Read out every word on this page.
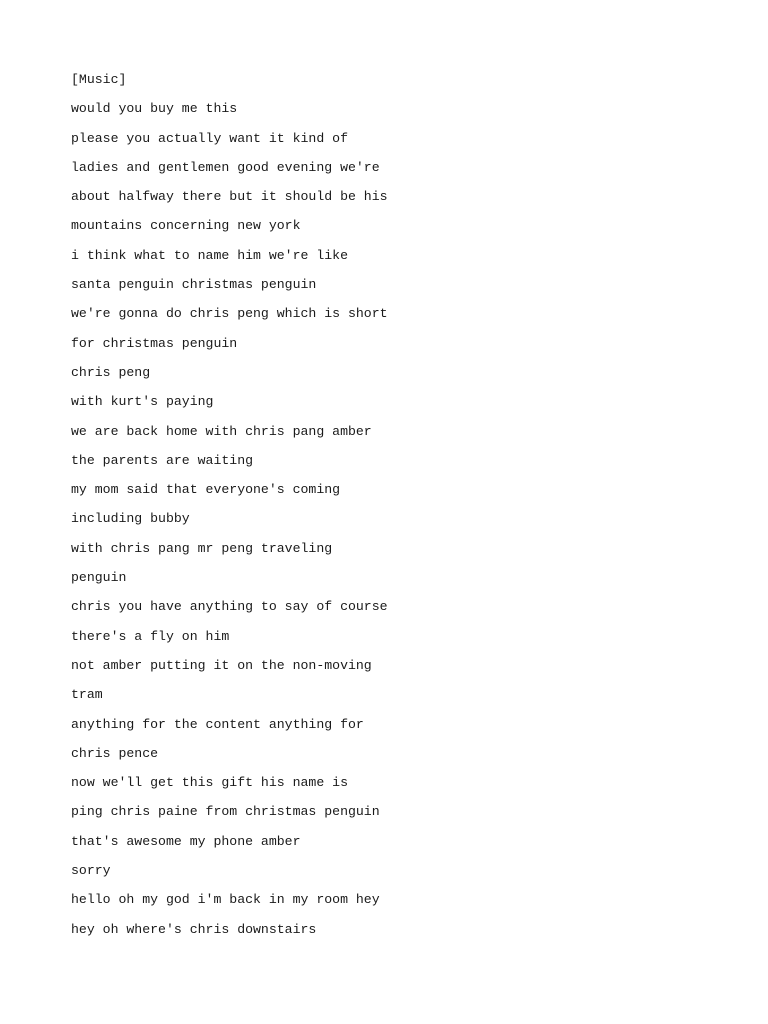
[Music]
would you buy me this
please you actually want it kind of
ladies and gentlemen good evening we're
about halfway there but it should be his
mountains concerning new york
i think what to name him we're like
santa penguin christmas penguin
we're gonna do chris peng which is short
for christmas penguin
chris peng
with kurt's paying
we are back home with chris pang amber
the parents are waiting
my mom said that everyone's coming
including bubby
with chris pang mr peng traveling
penguin
chris you have anything to say of course
there's a fly on him
not amber putting it on the non-moving
tram
anything for the content anything for
chris pence
now we'll get this gift his name is
ping chris paine from christmas penguin
that's awesome my phone amber
sorry
hello oh my god i'm back in my room hey
hey oh where's chris downstairs
